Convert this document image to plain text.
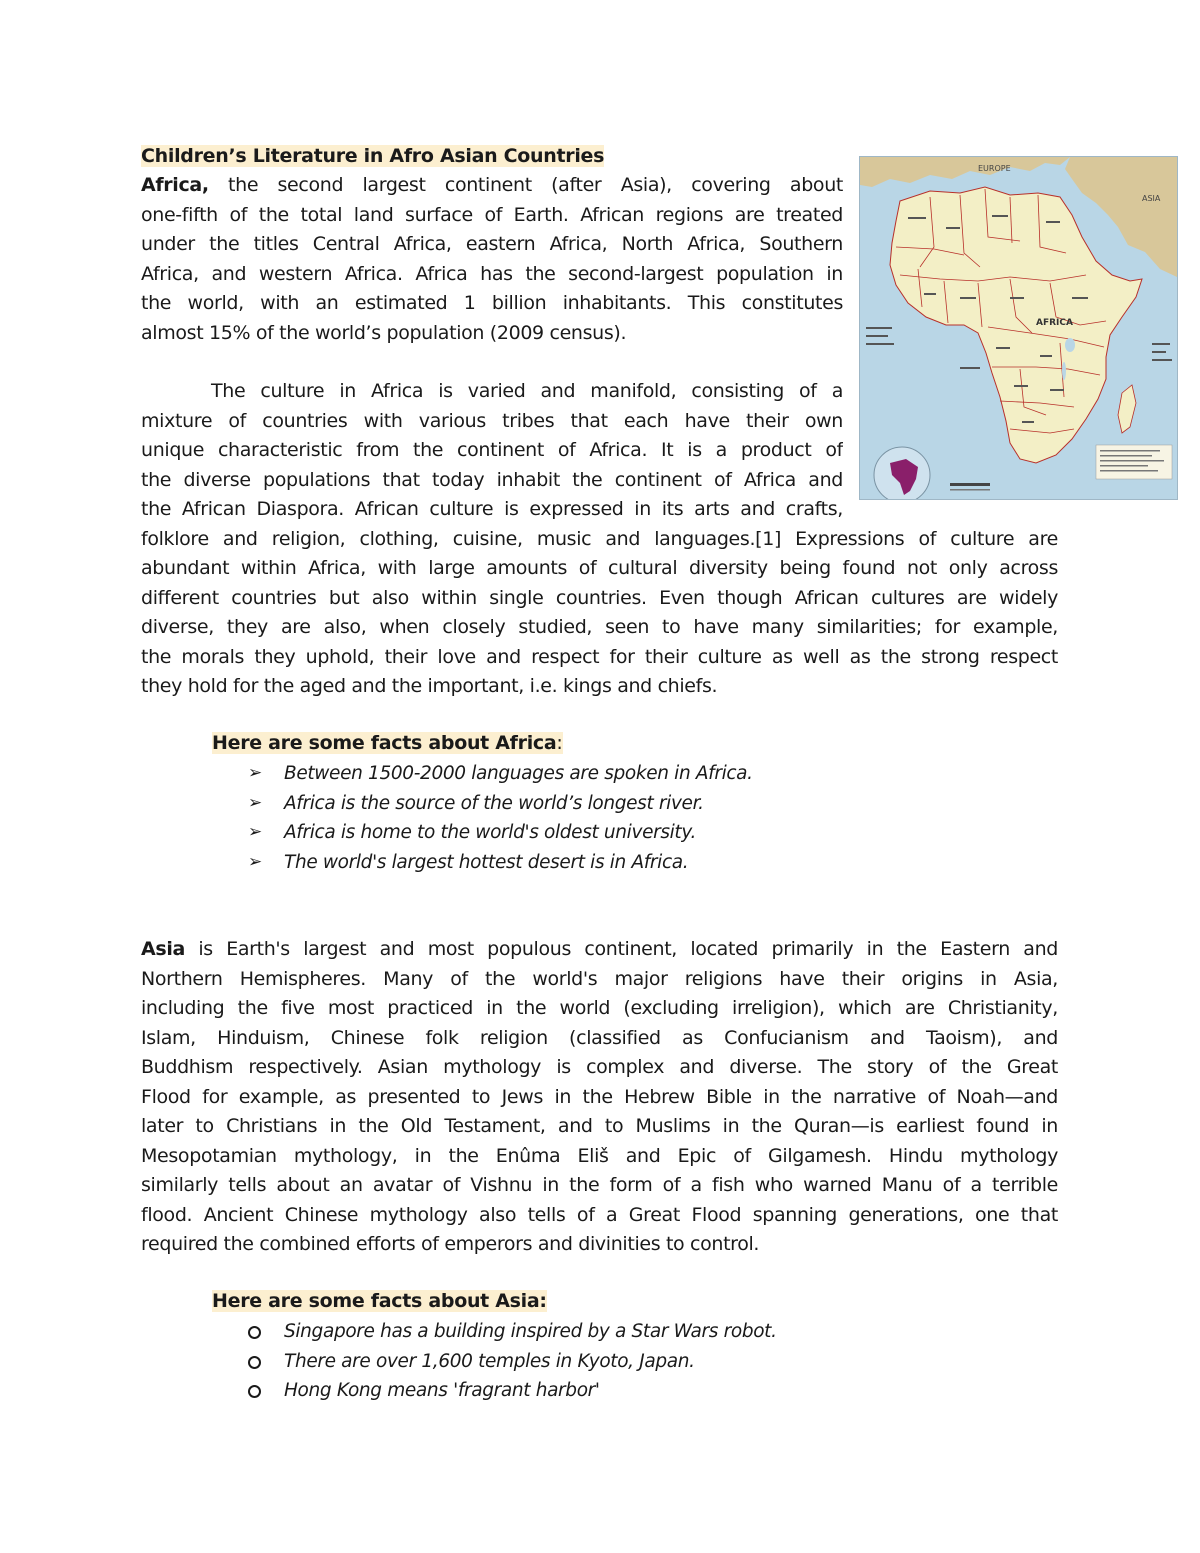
Children’s Literature in Afro Asian Countries

Africa, the second largest continent (after Asia), covering about
one-fifth of the total land surface of Earth. African regions are treated
under the titles Central Africa, eastern Africa, North Africa, Southern
Africa, and western Africa. Africa has the second-largest population in
the world, with an estimated 1 billion inhabitants. This constitutes
almost 15% of the world’s population (2009 census).
EUROPE
ASIA
AFRICA
The culture in Africa is varied and manifold, consisting of a
mixture of countries with various tribes that each have their own
unique characteristic from the continent of Africa. It is a product of
the diverse populations that today inhabit the continent of Africa and
the African Diaspora. African culture is expressed in its arts and crafts,
folklore and religion, clothing, cuisine, music and languages.[1] Expressions of culture are
abundant within Africa, with large amounts of cultural diversity being found not only across
different countries but also within single countries. Even though African cultures are widely
diverse, they are also, when closely studied, seen to have many similarities; for example,
the morals they uphold, their love and respect for their culture as well as the strong respect
they hold for the aged and the important, i.e. kings and chiefs.

Here are some facts about Africa:

➢	Between 1500-2000 languages are spoken in Africa.
➢	Africa is the source of the world’s longest river.
➢	Africa is home to the world's oldest university.
➢	The world's largest hottest desert is in Africa.
Asia is Earth's largest and most populous continent, located primarily in the Eastern and
Northern Hemispheres. Many of the world's major religions have their origins in Asia,
including the five most practiced in the world (excluding irreligion), which are Christianity,
Islam, Hinduism, Chinese folk religion (classified as Confucianism and Taoism), and
Buddhism respectively. Asian mythology is complex and diverse. The story of the Great
Flood for example, as presented to Jews in the Hebrew Bible in the narrative of Noah—and
later to Christians in the Old Testament, and to Muslims in the Quran—is earliest found in
Mesopotamian mythology, in the Enûma Eliš and Epic of Gilgamesh. Hindu mythology
similarly tells about an avatar of Vishnu in the form of a fish who warned Manu of a terrible
flood. Ancient Chinese mythology also tells of a Great Flood spanning generations, one that
required the combined efforts of emperors and divinities to control.

Here are some facts about Asia:

Singapore has a building inspired by a Star Wars robot.
There are over 1,600 temples in Kyoto, Japan.
Hong Kong means 'fragrant harbor'
